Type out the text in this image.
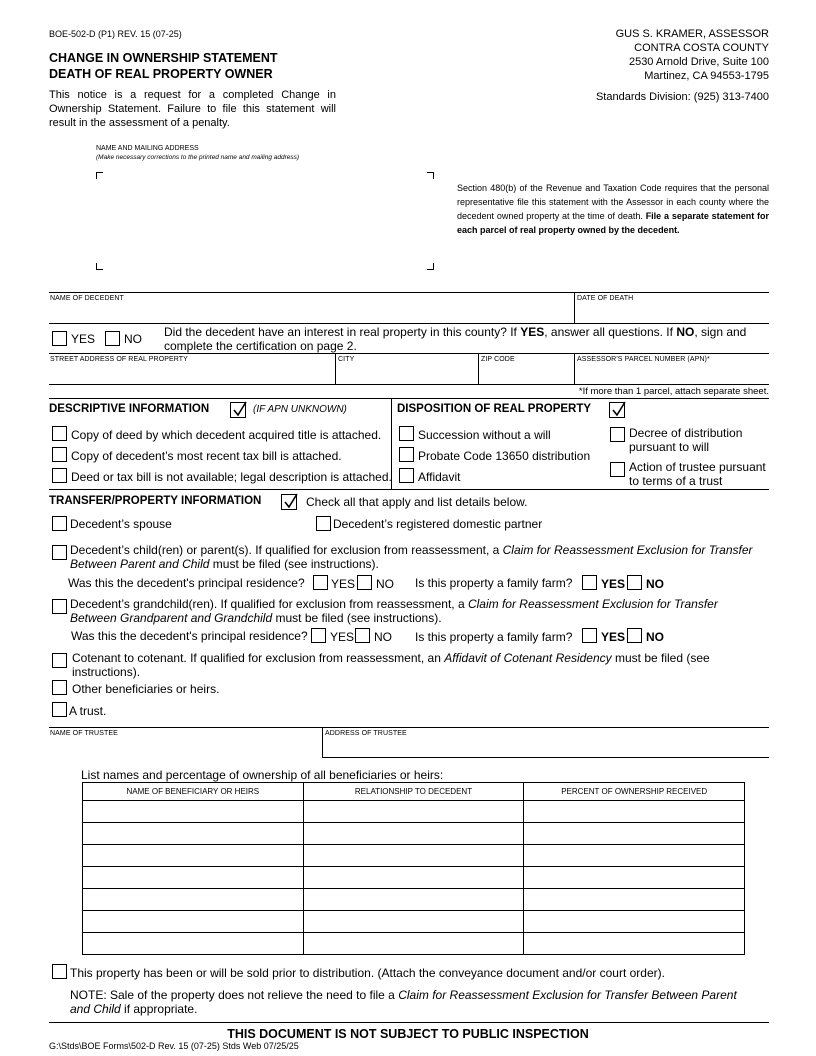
BOE-502-D (P1) REV. 15 (07-25)
CHANGE IN OWNERSHIP STATEMENT
DEATH OF REAL PROPERTY OWNER
This notice is a request for a completed Change in Ownership Statement. Failure to file this statement will result in the assessment of a penalty.
GUS S. KRAMER, ASSESSOR
CONTRA COSTA COUNTY
2530 Arnold Drive, Suite 100
Martinez, CA 94553-1795
Standards Division: (925) 313-7400
NAME AND MAILING ADDRESS
(Make necessary corrections to the printed name and mailing address)
Section 480(b) of the Revenue and Taxation Code requires that the personal representative file this statement with the Assessor in each county where the decedent owned property at the time of death. File a separate statement for each parcel of real property owned by the decedent.
NAME OF DECEDENT	DATE OF DEATH
YES NO Did the decedent have an interest in real property in this county? If YES, answer all questions. If NO, sign and complete the certification on page 2.
STREET ADDRESS OF REAL PROPERTY	CITY	ZIP CODE	ASSESSOR'S PARCEL NUMBER (APN)*
*If more than 1 parcel, attach separate sheet.
DESCRIPTIVE INFORMATION	(IF APN UNKNOWN)
Copy of deed by which decedent acquired title is attached.
Copy of decedent’s most recent tax bill is attached.
Deed or tax bill is not available; legal description is attached.
DISPOSITION OF REAL PROPERTY
Succession without a will
Probate Code 13650 distribution
Affidavit
Decree of distribution pursuant to will
Action of trustee pursuant to terms of a trust
TRANSFER/PROPERTY INFORMATION	Check all that apply and list details below.
Decedent’s spouse	Decedent’s registered domestic partner
Decedent’s child(ren) or parent(s). If qualified for exclusion from reassessment, a Claim for Reassessment Exclusion for Transfer Between Parent and Child must be filed (see instructions).
Was this the decedent's principal residence? YES NO Is this property a family farm? YES NO
Decedent’s grandchild(ren). If qualified for exclusion from reassessment, a Claim for Reassessment Exclusion for Transfer Between Grandparent and Grandchild must be filed (see instructions).
Was this the decedent's principal residence? YES NO Is this property a family farm? YES NO
Cotenant to cotenant. If qualified for exclusion from reassessment, an Affidavit of Cotenant Residency must be filed (see instructions).
Other beneficiaries or heirs.
A trust.
NAME OF TRUSTEE	ADDRESS OF TRUSTEE
List names and percentage of ownership of all beneficiaries or heirs:
NAME OF BENEFICIARY OR HEIRS	RELATIONSHIP TO DECEDENT	PERCENT OF OWNERSHIP RECEIVED

This property has been or will be sold prior to distribution. (Attach the conveyance document and/or court order).
NOTE: Sale of the property does not relieve the need to file a Claim for Reassessment Exclusion for Transfer Between Parent and Child if appropriate.
THIS DOCUMENT IS NOT SUBJECT TO PUBLIC INSPECTION
G:\Stds\BOE Forms\502-D Rev. 15 (07-25) Stds Web 07/25/25
